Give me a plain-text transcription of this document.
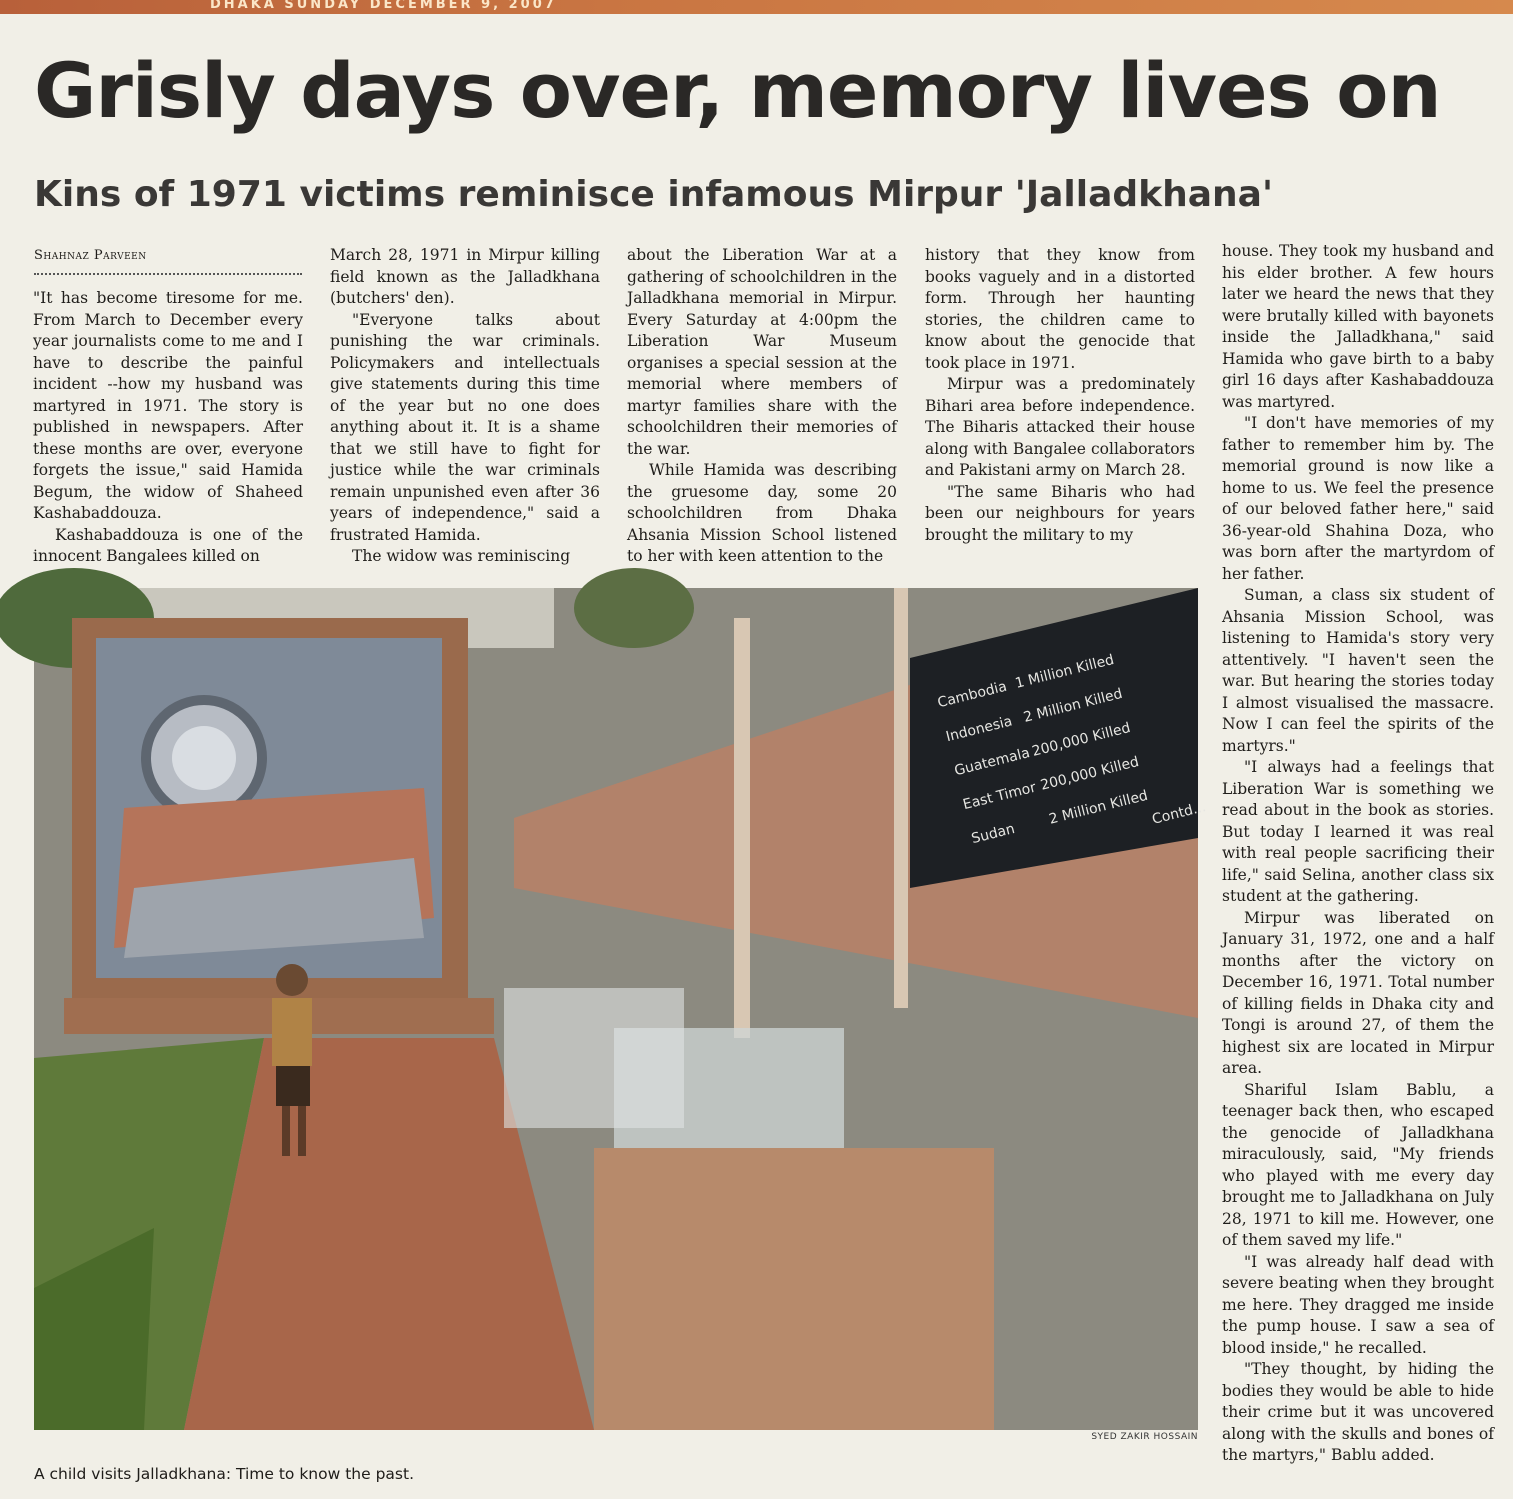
DHAKA SUNDAY DECEMBER 9, 2007
Grisly days over, memory lives on
Kins of 1971 victims reminisce infamous Mirpur 'Jalladkhana'
Shahnaz Parveen

"It has become tiresome for me. From March to December every year journalists come to me and I have to describe the painful incident --how my husband was martyred in 1971. The story is published in newspapers. After these months are over, everyone forgets the issue," said Hamida Begum, the widow of Shaheed Kashabaddouza.

Kashabaddouza is one of the innocent Bangalees killed on

March 28, 1971 in Mirpur killing field known as the Jalladkhana (butchers' den).

"Everyone talks about punishing the war criminals. Policymakers and intellectuals give statements during this time of the year but no one does anything about it. It is a shame that we still have to fight for justice while the war criminals remain unpunished even after 36 years of independence," said a frustrated Hamida.

The widow was reminiscing

about the Liberation War at a gathering of schoolchildren in the Jalladkhana memorial in Mirpur. Every Saturday at 4:00pm the Liberation War Museum organises a special session at the memorial where members of martyr families share with the schoolchildren their memories of the war.

While Hamida was describing the gruesome day, some 20 schoolchildren from Dhaka Ahsania Mission School listened to her with keen attention to the

history that they know from books vaguely and in a distorted form. Through her haunting stories, the children came to know about the genocide that took place in 1971.

Mirpur was a predominately Bihari area before independence. The Biharis attacked their house along with Bangalee collaborators and Pakistani army on March 28.

"The same Biharis who had been our neighbours for years brought the military to my

house. They took my husband and his elder brother. A few hours later we heard the news that they were brutally killed with bayonets inside the Jalladkhana," said Hamida who gave birth to a baby girl 16 days after Kashabaddouza was martyred.

"I don't have memories of my father to remember him by. The memorial ground is now like a home to us. We feel the presence of our beloved father here," said 36-year-old Shahina Doza, who was born after the martyrdom of her father.

Suman, a class six student of Ahsania Mission School, was listening to Hamida's story very attentively. "I haven't seen the war. But hearing the stories today I almost visualised the massacre. Now I can feel the spirits of the martyrs."

"I always had a feelings that Liberation War is something we read about in the book as stories. But today I learned it was real with real people sacrificing their life," said Selina, another class six student at the gathering.

Mirpur was liberated on January 31, 1972, one and a half months after the victory on December 16, 1971. Total number of killing fields in Dhaka city and Tongi is around 27, of them the highest six are located in Mirpur area.

Shariful Islam Bablu, a teenager back then, who escaped the genocide of Jalladkhana miraculously, said, "My friends who played with me every day brought me to Jalladkhana on July 28, 1971 to kill me. However, one of them saved my life."

"I was already half dead with severe beating when they brought me here. They dragged me inside the pump house. I saw a sea of blood inside," he recalled.

"They thought, by hiding the bodies they would be able to hide their crime but it was uncovered along with the skulls and bones of the martyrs," Bablu added.

Cambodia
1 Million Killed
Indonesia
2 Million Killed
Guatemala
200,000 Killed
East Timor
200,000 Killed
Sudan
2 Million Killed Contd...
SYED ZAKIR HOSSAIN
A child visits Jalladkhana: Time to know the past.
